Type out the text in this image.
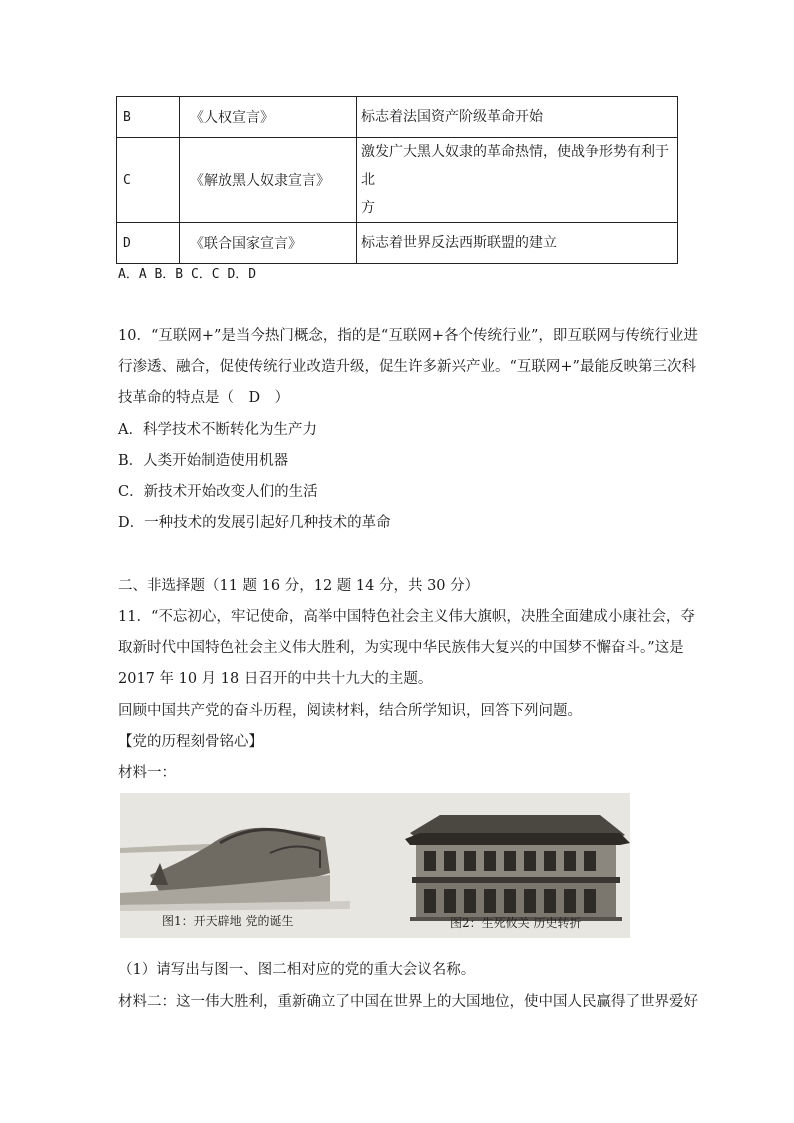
B	《人权宣言》	标志着法国资产阶级革命开始
C	《解放黑人奴隶宣言》	激发广大黑人奴隶的革命热情，使战争形势有利于北
方
D	《联合国家宣言》	标志着世界反法西斯联盟的建立
A．A B．B C．C D．D
10．“互联网+”是当今热门概念，指的是“互联网+各个传统行业”，即互联网与传统行业进
行渗透、融合，促使传统行业改造升级，促生许多新兴产业。“互联网+”最能反映第三次科
技革命的特点是（　D　）
A．科学技术不断转化为生产力
B．人类开始制造使用机器
C．新技术开始改变人们的生活
D．一种技术的发展引起好几种技术的革命
二、非选择题（11 题 16 分，12 题 14 分，共 30 分）
11．“不忘初心，牢记使命，高举中国特色社会主义伟大旗帜，决胜全面建成小康社会，夺
取新时代中国特色社会主义伟大胜利，为实现中华民族伟大复兴的中国梦不懈奋斗。”这是
2017 年 10 月 18 日召开的中共十九大的主题。
回顾中国共产党的奋斗历程，阅读材料，结合所学知识，回答下列问题。
【党的历程刻骨铭心】
材料一：
图1：开天辟地 党的诞生	图2：生死攸关 历史转折
（1）请写出与图一、图二相对应的党的重大会议名称。
材料二：这一伟大胜利，重新确立了中国在世界上的大国地位，使中国人民赢得了世界爱好
